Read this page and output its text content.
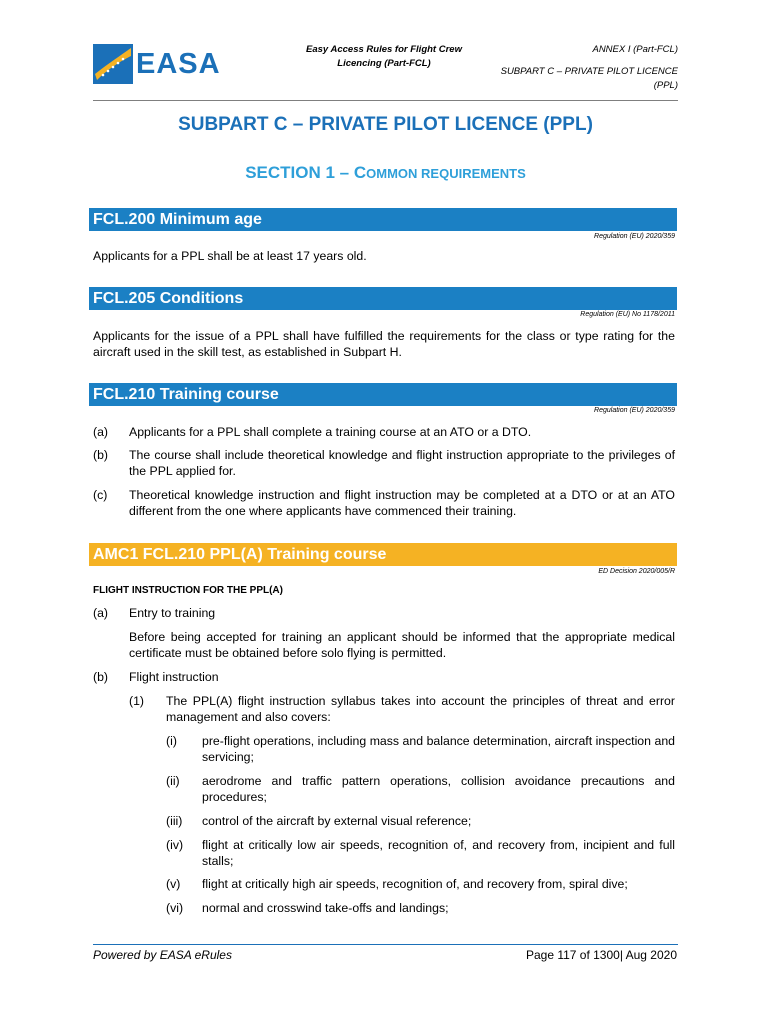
EASA	Easy Access Rules for Flight Crew
Licencing (Part-FCL)
ANNEX I (Part-FCL)
SUBPART C – PRIVATE PILOT LICENCE
(PPL)
SUBPART C – PRIVATE PILOT LICENCE (PPL)
SECTION 1 – COMMON REQUIREMENTS
FCL.200 Minimum age
Regulation (EU) 2020/359
Applicants for a PPL shall be at least 17 years old.
FCL.205 Conditions
Regulation (EU) No 1178/2011
Applicants for the issue of a PPL shall have fulfilled the requirements for the class or type rating for the aircraft used in the skill test, as established in Subpart H.
FCL.210 Training course
Regulation (EU) 2020/359
(a) Applicants for a PPL shall complete a training course at an ATO or a DTO.
(b) The course shall include theoretical knowledge and flight instruction appropriate to the privileges of the PPL applied for.
(c) Theoretical knowledge instruction and flight instruction may be completed at a DTO or at an ATO different from the one where applicants have commenced their training.
AMC1 FCL.210 PPL(A) Training course
ED Decision 2020/005/R
FLIGHT INSTRUCTION FOR THE PPL(A)
(a) Entry to training
Before being accepted for training an applicant should be informed that the appropriate medical certificate must be obtained before solo flying is permitted.
(b) Flight instruction
(1) The PPL(A) flight instruction syllabus takes into account the principles of threat and error management and also covers:
(i) pre-flight operations, including mass and balance determination, aircraft inspection and servicing;
(ii) aerodrome and traffic pattern operations, collision avoidance precautions and procedures;
(iii) control of the aircraft by external visual reference;
(iv) flight at critically low air speeds, recognition of, and recovery from, incipient and full stalls;
(v) flight at critically high air speeds, recognition of, and recovery from, spiral dive;
(vi) normal and crosswind take-offs and landings;
Powered by EASA eRules	Page 117 of 1300| Aug 2020
